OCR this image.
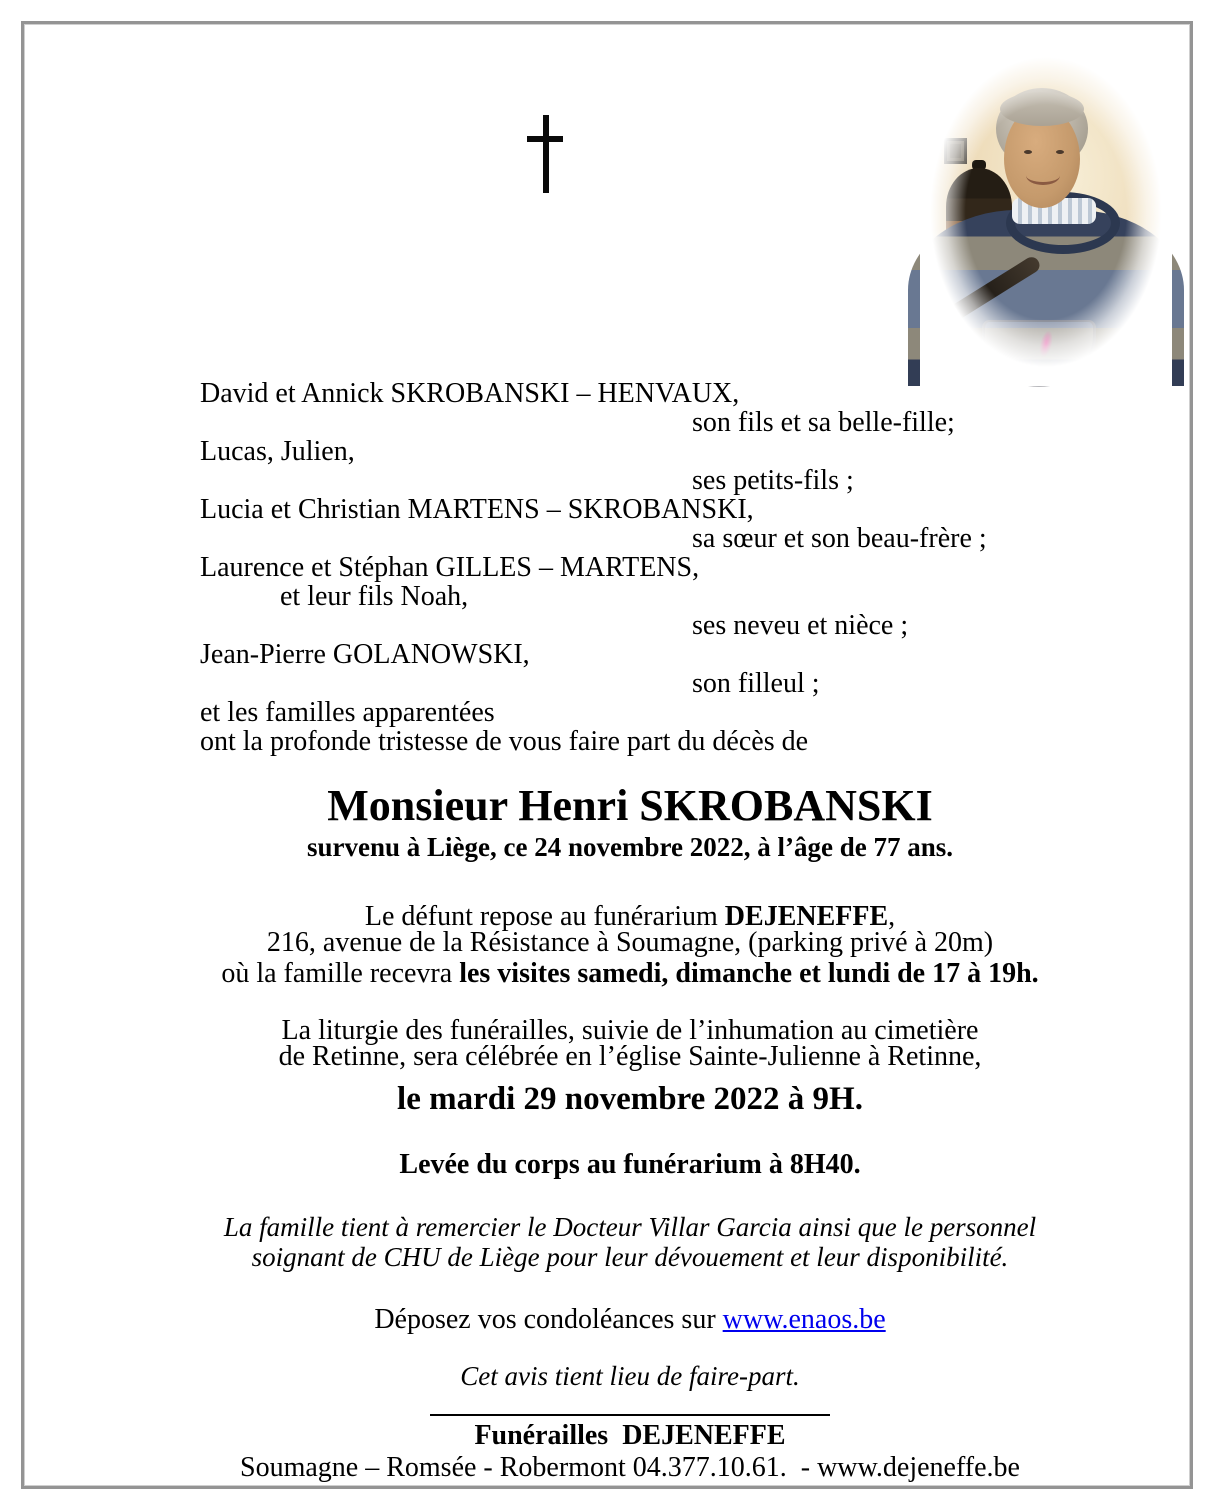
David et Annick SKROBANSKI – HENVAUX,
son fils et sa belle-fille;
Lucas, Julien,
ses petits-fils ;
Lucia et Christian MARTENS – SKROBANSKI,
sa sœur et son beau-frère ;
Laurence et Stéphan GILLES – MARTENS,
et leur fils Noah,
ses neveu et nièce ;
Jean-Pierre GOLANOWSKI,
son filleul ;
et les familles apparentées
ont la profonde tristesse de vous faire part du décès de
Monsieur Henri SKROBANSKI
survenu à Liège, ce 24 novembre 2022, à l’âge de 77 ans.
Le défunt repose au funérarium DEJENEFFE,
216, avenue de la Résistance à Soumagne, (parking privé à 20m)
où la famille recevra les visites samedi, dimanche et lundi de 17 à 19h.
La liturgie des funérailles, suivie de l’inhumation au cimetière
de Retinne, sera célébrée en l’église Sainte-Julienne à Retinne,
le mardi 29 novembre 2022 à 9H.
Levée du corps au funérarium à 8H40.
La famille tient à remercier le Docteur Villar Garcia ainsi que le personnel
soignant de CHU de Liège pour leur dévouement et leur disponibilité.
Déposez vos condoléances sur www.enaos.be
Cet avis tient lieu de faire-part.
Funérailles  DEJENEFFE
Soumagne – Romsée - Robermont 04.377.10.61.  - www.dejeneffe.be
